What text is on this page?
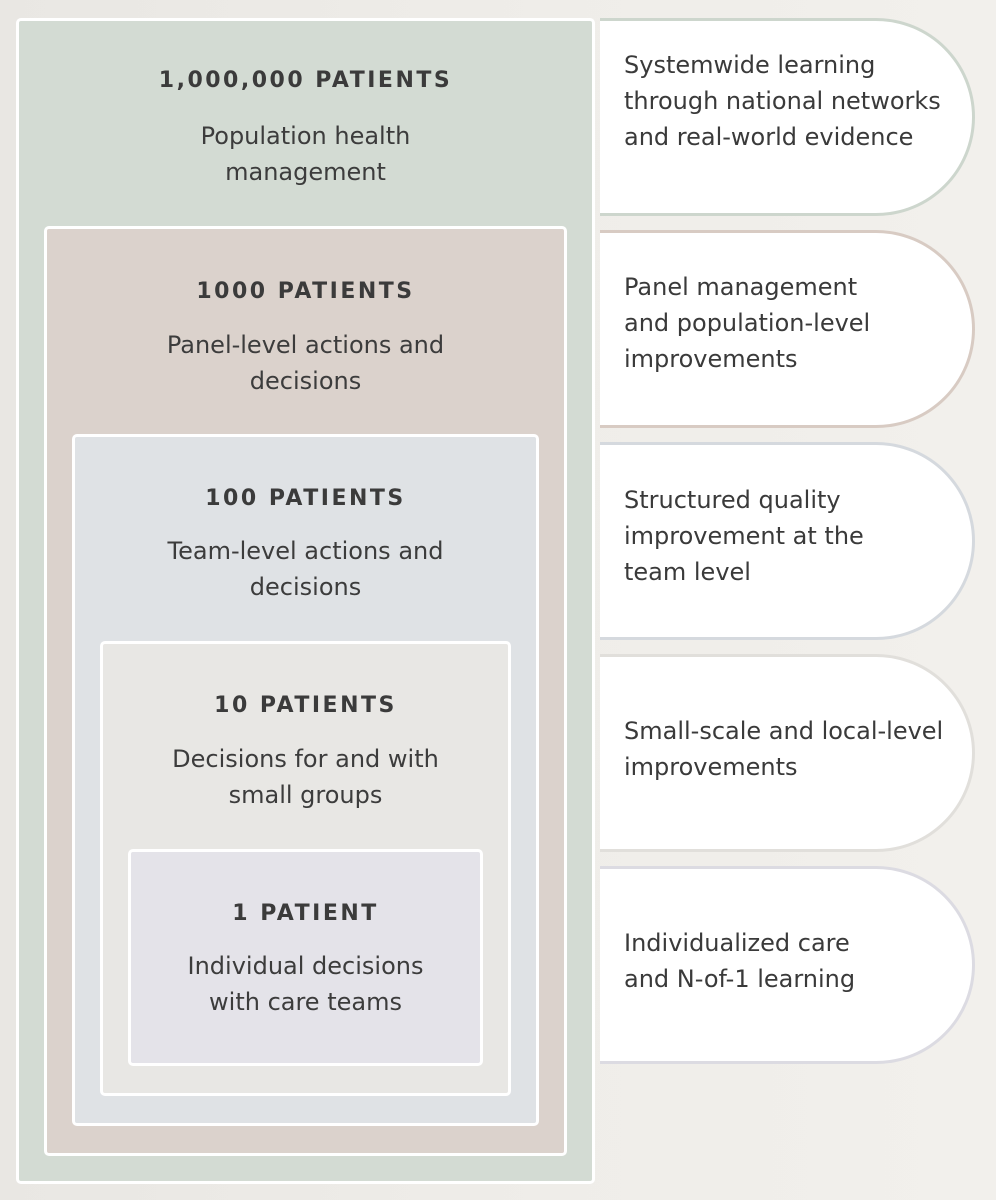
1,000,000 PATIENTS
1000 PATIENTS
100 PATIENTS
10 PATIENTS
1 PATIENT
Population health management
Panel-level actions and decisions
Team-level actions and decisions
Decisions for and with small groups
Individual decisions with care teams
Systemwide learning through national networks and real-world evidence
Panel management and population-level improvements
Structured quality improvement at the team level
Small-scale and local-level improvements
Individualized care and N-of-1 learning
